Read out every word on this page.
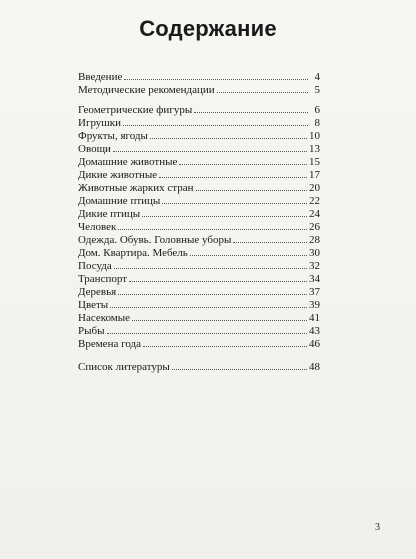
Содержание
Введение	4
Методические рекомендации	5
Геометрические фигуры	6
Игрушки	8
Фрукты, ягоды	10
Овощи	13
Домашние животные	15
Дикие животные	17
Животные жарких стран	20
Домашние птицы	22
Дикие птицы	24
Человек	26
Одежда. Обувь. Головные уборы	28
Дом. Квартира. Мебель	30
Посуда	32
Транспорт	34
Деревья	37
Цветы	39
Насекомые	41
Рыбы	43
Времена года	46
Список литературы	48
3
